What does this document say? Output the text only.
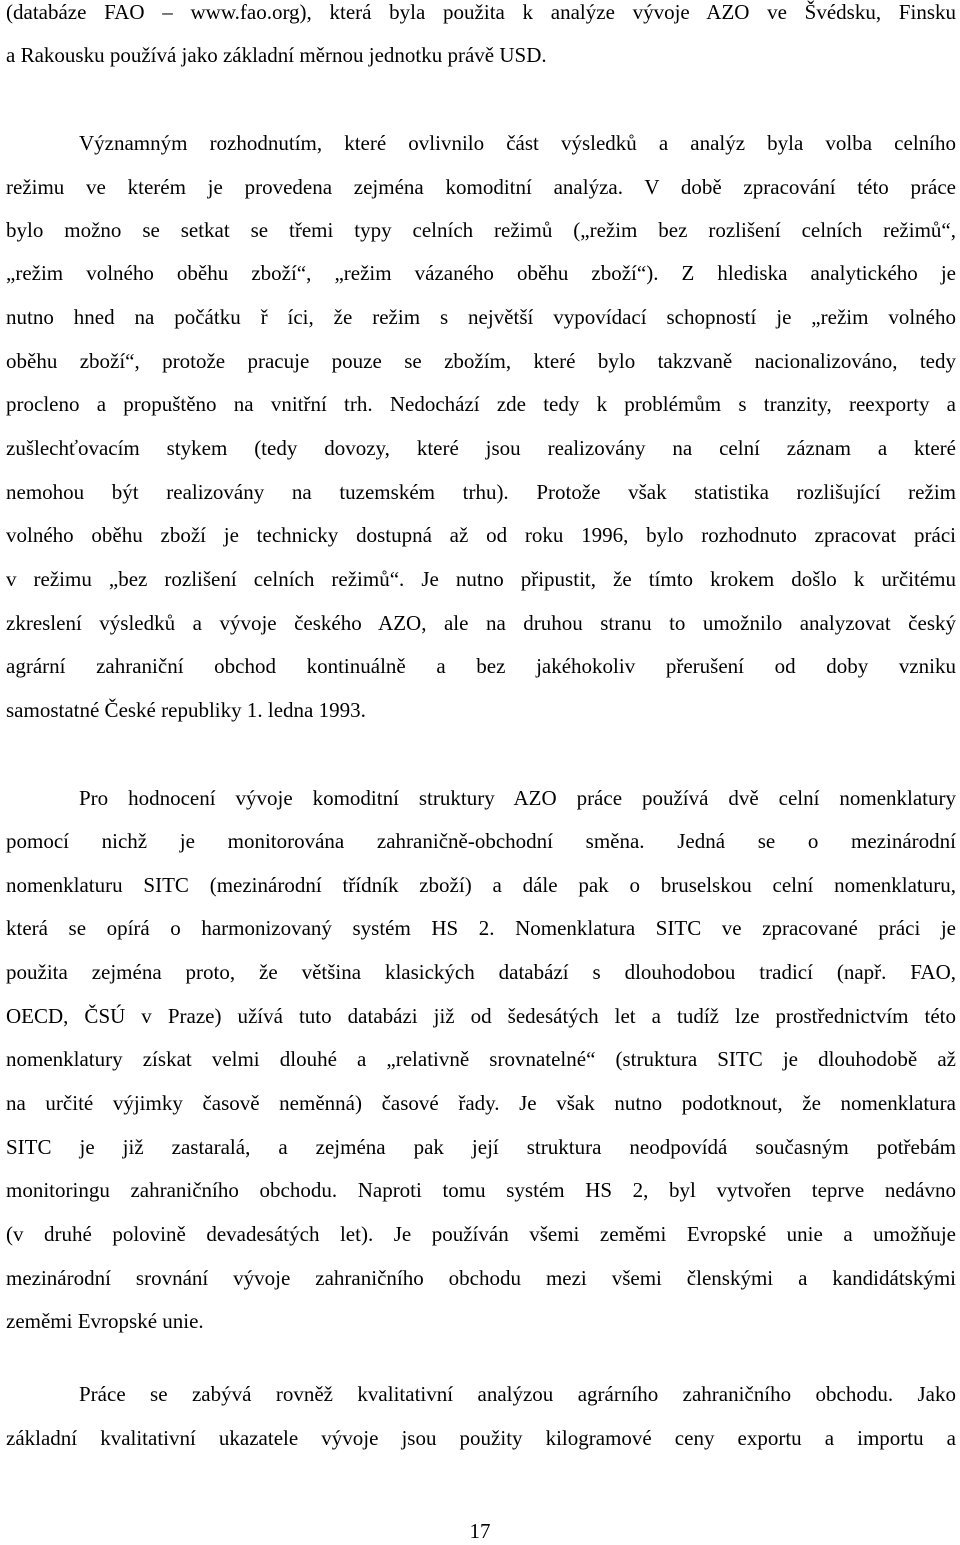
(databáze FAO – www.fao.org), která byla použita k analýze vývoje AZO ve Švédsku, Finsku
a Rakousku používá jako základní měrnou jednotku právě USD.
Významným rozhodnutím, které ovlivnilo část výsledků a analýz byla volba celního
režimu ve kterém je provedena zejména komoditní analýza. V době zpracování této práce
bylo možno se setkat se třemi typy celních režimů („režim bez rozlišení celních režimů“,
„režim volného oběhu zboží“, „režim vázaného oběhu zboží“). Z hlediska analytického je
nutno hned na počátku ř íci, že režim s největší vypovídací schopností je „režim volného
oběhu zboží“, protože pracuje pouze se zbožím, které bylo takzvaně nacionalizováno, tedy
procleno a propuštěno na vnitřní trh. Nedochází zde tedy k problémům s tranzity, reexporty a
zušlechťovacím stykem (tedy dovozy, které jsou realizovány na celní záznam a které
nemohou být realizovány na tuzemském trhu). Protože však statistika rozlišující režim
volného oběhu zboží je technicky dostupná až od roku 1996, bylo rozhodnuto zpracovat práci
v režimu „bez rozlišení celních režimů“. Je nutno připustit, že tímto krokem došlo k určitému
zkreslení výsledků a vývoje českého AZO, ale na druhou stranu to umožnilo analyzovat český
agrární zahraniční obchod kontinuálně a bez jakéhokoliv přerušení od doby vzniku
samostatné České republiky 1. ledna 1993.
Pro hodnocení vývoje komoditní struktury AZO práce používá dvě celní nomenklatury
pomocí nichž je monitorována zahraničně-obchodní směna. Jedná se o mezinárodní
nomenklaturu SITC (mezinárodní třídník zboží) a dále pak o bruselskou celní nomenklaturu,
která se opírá o harmonizovaný systém HS 2. Nomenklatura SITC ve zpracované práci je
použita zejména proto, že většina klasických databází s dlouhodobou tradicí (např. FAO,
OECD, ČSÚ v Praze) užívá tuto databázi již od šedesátých let a tudíž lze prostřednictvím této
nomenklatury získat velmi dlouhé a „relativně srovnatelné“ (struktura SITC je dlouhodobě až
na určité výjimky časově neměnná) časové řady. Je však nutno podotknout, že nomenklatura
SITC je již zastaralá, a zejména pak její struktura neodpovídá současným potřebám
monitoringu zahraničního obchodu. Naproti tomu systém HS 2, byl vytvořen teprve nedávno
(v druhé polovině devadesátých let). Je používán všemi zeměmi Evropské unie a umožňuje
mezinárodní srovnání vývoje zahraničního obchodu mezi všemi členskými a kandidátskými
zeměmi Evropské unie.
Práce se zabývá rovněž kvalitativní analýzou agrárního zahraničního obchodu. Jako
základní kvalitativní ukazatele vývoje jsou použity kilogramové ceny exportu a importu a
17
